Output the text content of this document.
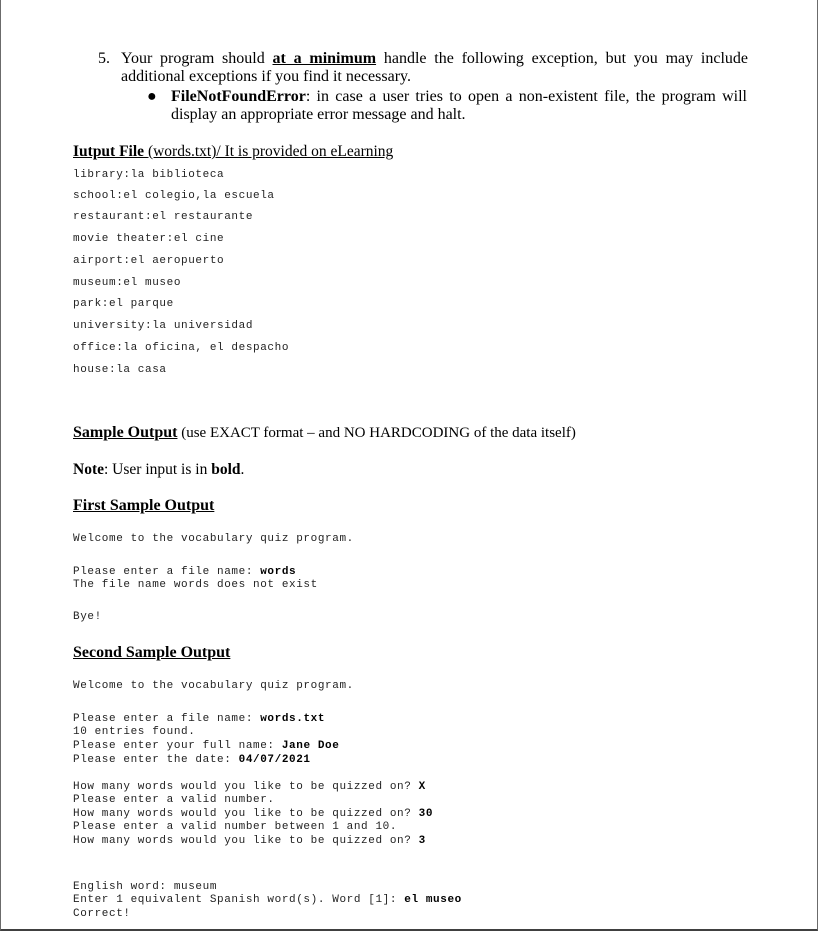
5. Your program should at a minimum handle the following exception, but you may include additional exceptions if you find it necessary.
● FileNotFoundError: in case a user tries to open a non-existent file, the program will display an appropriate error message and halt.
Iutput File (words.txt)/ It is provided on eLearning
library:la biblioteca
school:el colegio,la escuela
restaurant:el restaurante
movie theater:el cine
airport:el aeropuerto
museum:el museo
park:el parque
university:la universidad
office:la oficina, el despacho
house:la casa
Sample Output (use EXACT format – and NO HARDCODING of the data itself)
Note: User input is in bold.
First Sample Output
Welcome to the vocabulary quiz program.
Please enter a file name: words
The file name words does not exist
Bye!
Second Sample Output
Welcome to the vocabulary quiz program.
Please enter a file name: words.txt
10 entries found.
Please enter your full name: Jane Doe
Please enter the date: 04/07/2021
How many words would you like to be quizzed on? X
Please enter a valid number.
How many words would you like to be quizzed on? 30
Please enter a valid number between 1 and 10.
How many words would you like to be quizzed on? 3
English word: museum
Enter 1 equivalent Spanish word(s). Word [1]: el museo
Correct!
